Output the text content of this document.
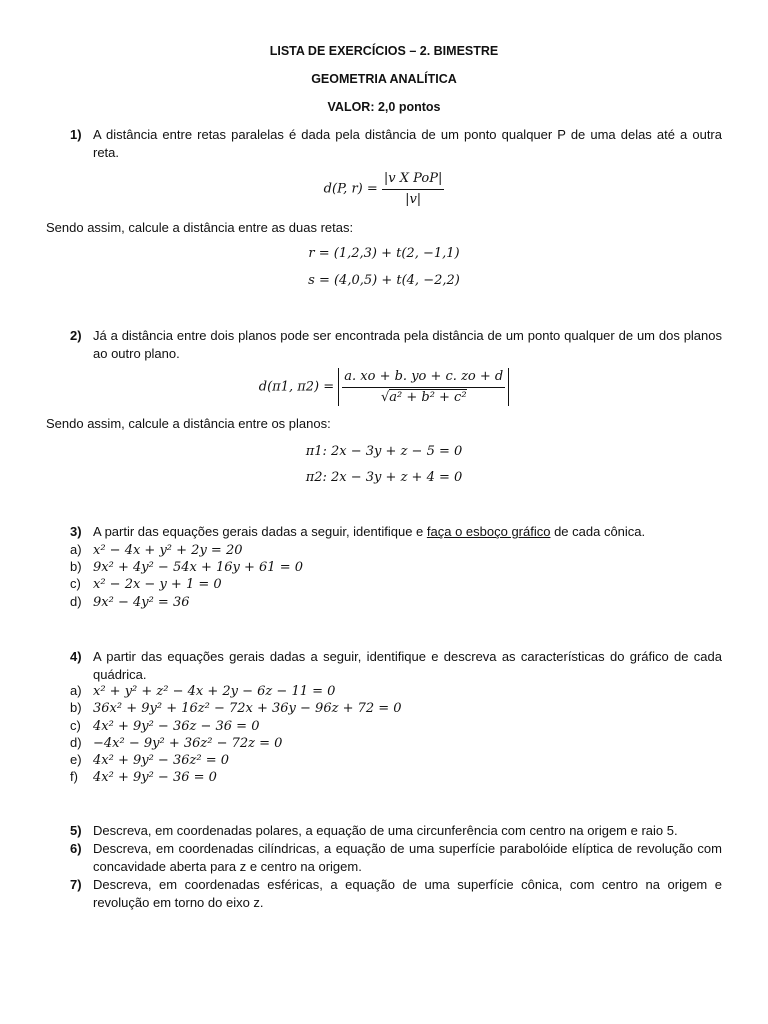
LISTA DE EXERCÍCIOS – 2. BIMESTRE
GEOMETRIA ANALÍTICA
VALOR: 2,0 pontos
1) A distância entre retas paralelas é dada pela distância de um ponto qualquer P de uma delas até a outra reta.
d(P, $r) = \frac{\text{|v X PoP|}}{|v|}$
Sendo assim, calcule a distância entre as duas retas:
r = (1,2,3) + t(2, −1,1)
s = (4,0,5) + t(4, −2,2)
2) Já a distância entre dois planos pode ser encontrada pela distância de um ponto qualquer de um dos planos ao outro plano.
d(π1, $\pi 2) = \frac{a. xo + b. yo + c. zo + d}{\text{√a² + b² + c²}}$
Sendo assim, calcule a distância entre os planos:
π1: 2x − 3y + z − 5 = 0
π2: 2x − 3y + z + 4 = 0
3) A partir das equações gerais dadas a seguir, identifique e faça o esboço gráfico de cada cônica.
a) x² − 4x + y² + 2y = 20
b) 9x² + 4y² − 54x + 16y + 61 = 0
c) x² − 2x − y + 1 = 0
d) 9x² − 4y² = 36
4) A partir das equações gerais dadas a seguir, identifique e descreva as características do gráfico de cada quádrica.
a) x² + y² + z² − 4x + 2y − 6z − 11 = 0
b) 36x² + 9y² + 16z² − 72x + 36y − 96z + 72 = 0
c) 4x² + 9y² − 36z − 36 = 0
d) −4x² − 9y² + 36z² − 72z = 0
e) 4x² + 9y² − 36z² = 0
f) 4x² + 9y² − 36 = 0
5) Descreva, em coordenadas polares, a equação de uma circunferência com centro na origem e raio 5.
6) Descreva, em coordenadas cilíndricas, a equação de uma superfície parabolóide elíptica de revolução com concavidade aberta para z e centro na origem.
7) Descreva, em coordenadas esféricas, a equação de uma superfície cônica, com centro na origem e revolução em torno do eixo z.
